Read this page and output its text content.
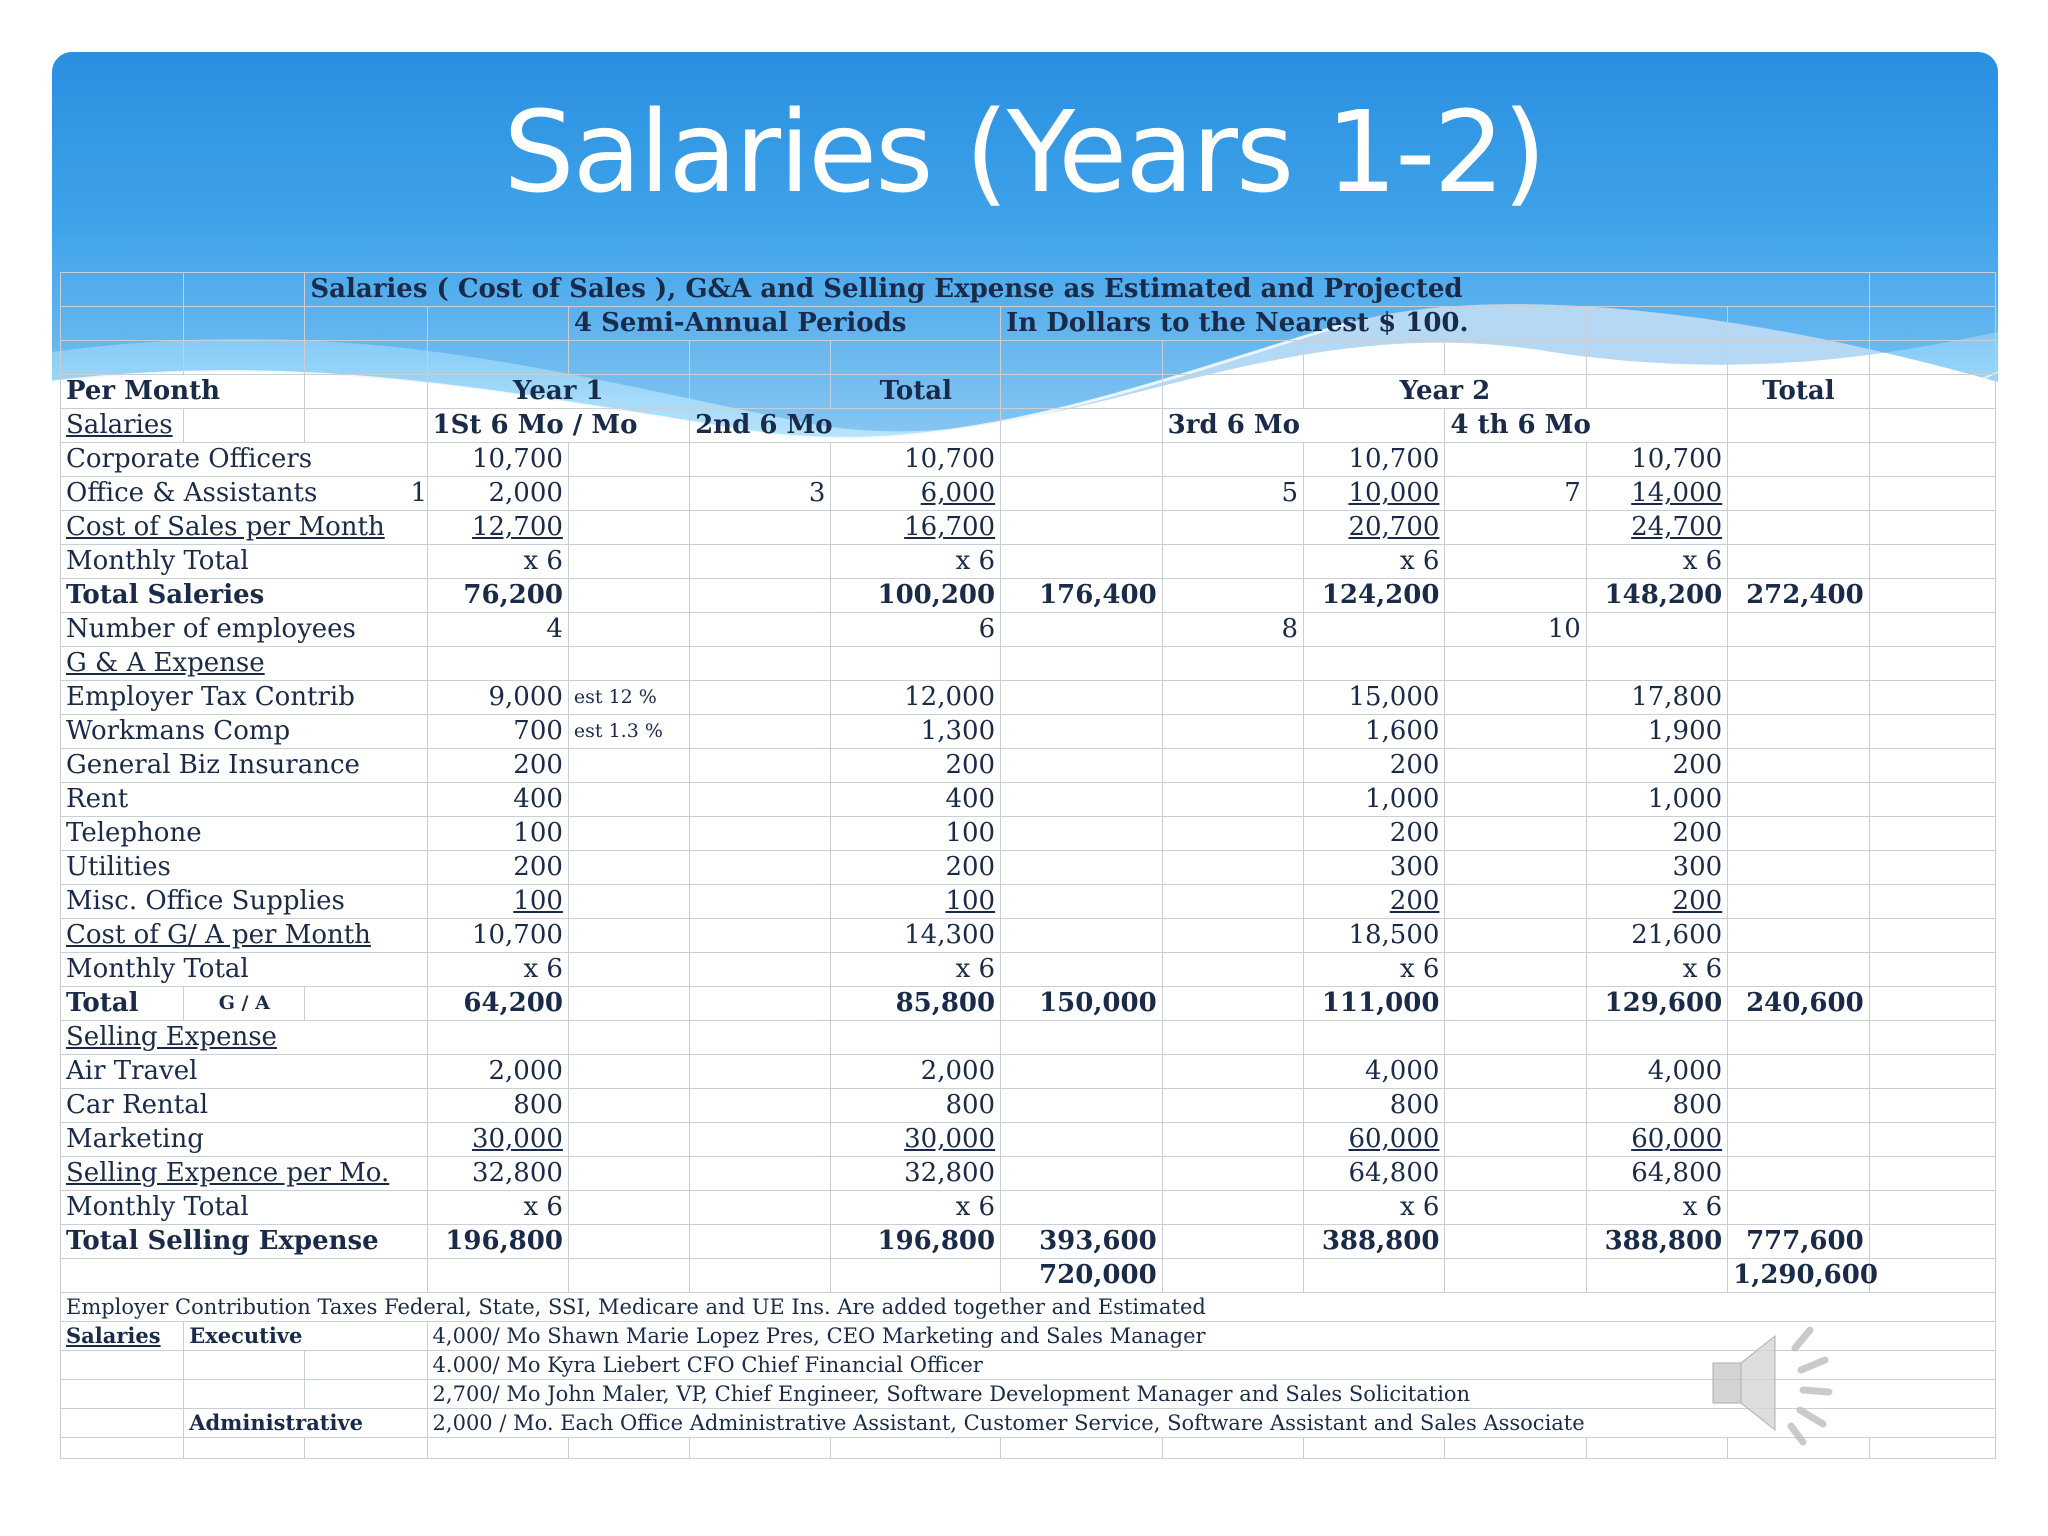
Salaries (Years 1-2)
		Salaries ( Cost of Sales ), G&A and Selling Expense as Estimated and Projected											
				4 Semi-Annual Periods			In Dollars to the Nearest $ 100.						

Per Month			Year 1			Total			Year 2			Total	
Salaries			1St 6 Mo / Mo		2nd 6 Mo			3rd 6 Mo		4 th 6 Mo			
Corporate Officers			10,700			10,700			10,700		10,700		
Office & Assistants			1 2,000		3	6,000		5	10,000	7	14,000		
Cost of Sales per Month			12,700			16,700			20,700		24,700		
Monthly Total			x 6			x 6			x 6		x 6		
Total Saleries			76,200			100,200	176,400		124,200		148,200	272,400	
Number of employees			4			6		8		10			
G & A Expense													
Employer Tax Contrib			9,000	est 12 %		12,000			15,000		17,800		
Workmans Comp			700	est 1.3 %		1,300			1,600		1,900		
General Biz Insurance			200			200			200		200		
Rent			400			400			1,000		1,000		
Telephone			100			100			200		200		
Utilities			200			200			300		300		
Misc. Office Supplies			100			100			200		200		
Cost of G/ A per Month			10,700			14,300			18,500		21,600		
Monthly Total			x 6			x 6			x 6		x 6		
Total	G / A		64,200			85,800	150,000		111,000		129,600	240,600	
Selling Expense													
Air Travel			2,000			2,000			4,000		4,000		
Car Rental			800			800			800		800		
Marketing			30,000			30,000			60,000		60,000		
Selling Expence per Mo.			32,800			32,800			64,800		64,800		
Monthly Total			x 6			x 6			x 6		x 6		
Total Selling Expense			196,800			196,800	393,600		388,800		388,800	777,600	
							720,000					1,290,600	
Employer Contribution Taxes Federal, State, SSI, Medicare and UE Ins. Are added together and Estimated													
Salaries	Executive		4,000/ Mo Shawn Marie Lopez Pres, CEO Marketing and Sales Manager										
			4.000/ Mo Kyra Liebert CFO Chief Financial Officer										
			2,700/ Mo John Maler, VP, Chief Engineer, Software Development Manager and Sales Solicitation										
	Administrative		2,000 / Mo. Each Office Administrative Assistant, Customer Service, Software Assistant and Sales Associate										
